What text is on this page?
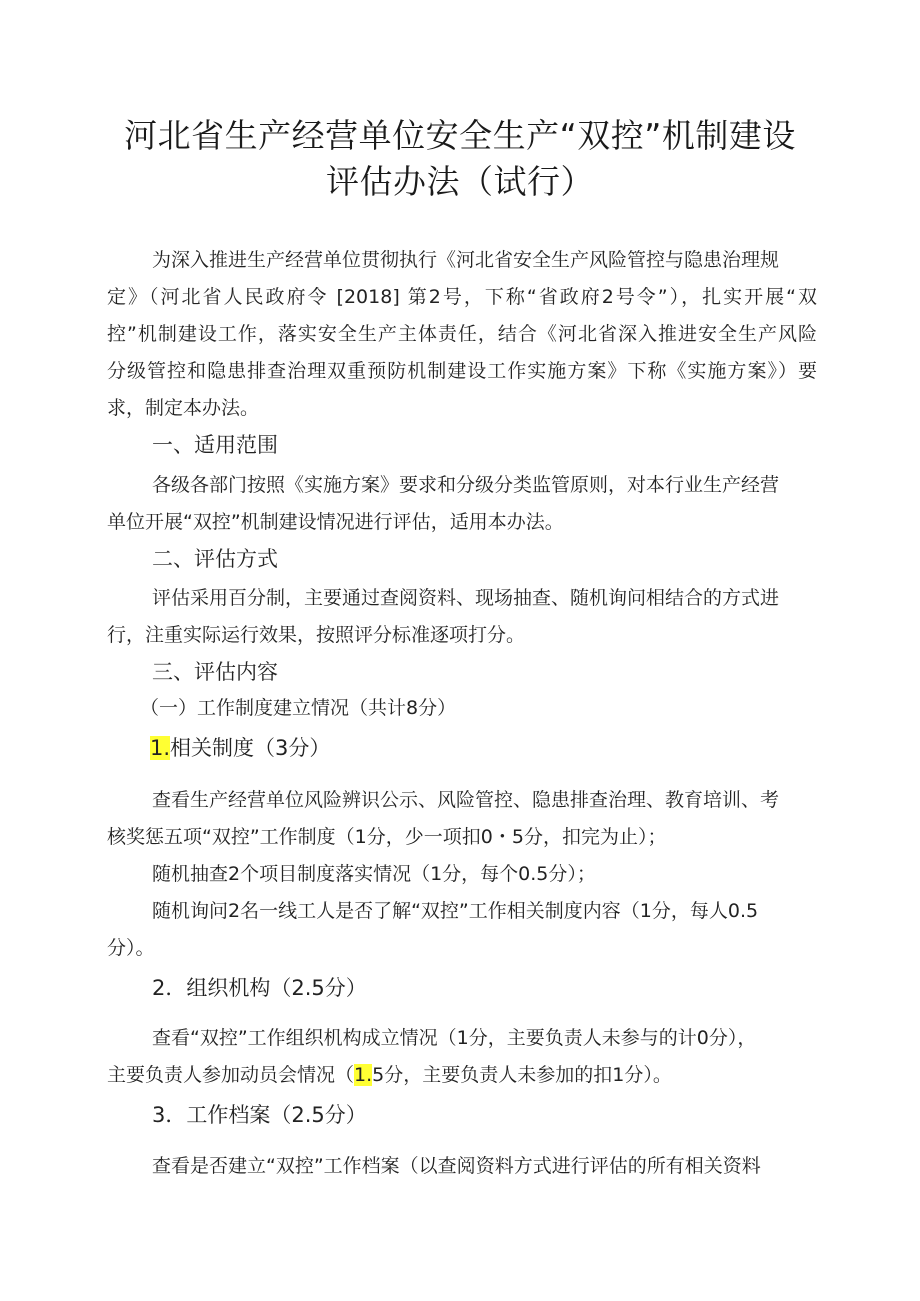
河北省生产经营单位安全生产“双控”机制建设
评估办法（试行）
为深入推进生产经营单位贯彻执行《河北省安全生产风险管控与隐患治理规
定》（河北省人民政府令 [2018] 第2号，下称“省政府2号令”），扎实开展“双
控”机制建设工作，落实安全生产主体责任，结合《河北省深入推进安全生产风险
分级管控和隐患排查治理双重预防机制建设工作实施方案》下称《实施方案》）要
求，制定本办法。
一、适用范围
各级各部门按照《实施方案》要求和分级分类监管原则，对本行业生产经营
单位开展“双控”机制建设情况进行评估，适用本办法。
二、评估方式
评估采用百分制，主要通过查阅资料、现场抽查、随机询问相结合的方式进
行，注重实际运行效果，按照评分标准逐项打分。
三、评估内容
（一）工作制度建立情况（共计8分）
1.相关制度（3分）
查看生产经营单位风险辨识公示、风险管控、隐患排查治理、教育培训、考
核奖惩五项“双控”工作制度（1分，少一项扣0・5分，扣完为止）；
随机抽查2个项目制度落实情况（1分，每个0.5分）；
随机询问2名一线工人是否了解“双控”工作相关制度内容（1分，每人0.5
分）。
2．组织机构（2.5分）
查看“双控”工作组织机构成立情况（1分，主要负责人未参与的计0分），
主要负责人参加动员会情况（1.5分，主要负责人未参加的扣1分）。
3．工作档案（2.5分）
查看是否建立“双控”工作档案（以查阅资料方式进行评估的所有相关资料
